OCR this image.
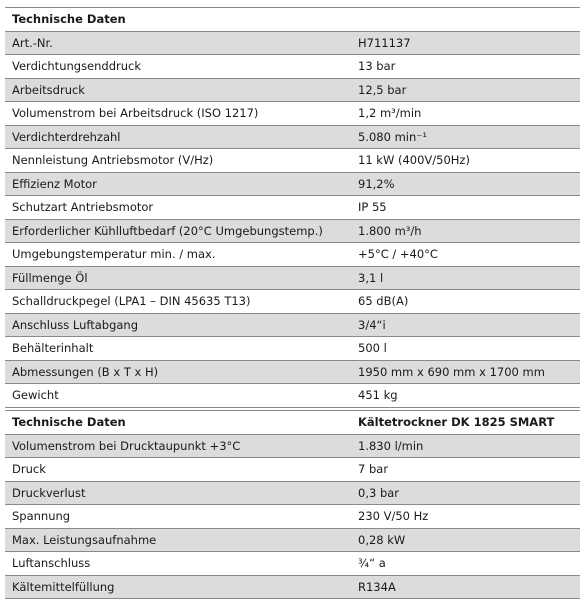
Technische Daten	
Art.-Nr.	H711137
Verdichtungsenddruck	13 bar
Arbeitsdruck	12,5 bar
Volumenstrom bei Arbeitsdruck (ISO 1217)	1,2 m³/min
Verdichterdrehzahl	5.080 min⁻¹
Nennleistung Antriebsmotor (V/Hz)	11 kW (400V/50Hz)
Effizienz Motor	91,2%
Schutzart Antriebsmotor	IP 55
Erforderlicher Kühlluftbedarf (20°C Umgebungstemp.)	1.800 m³/h
Umgebungstemperatur min. / max.	+5°C / +40°C
Füllmenge Öl	3,1 l
Schalldruckpegel (LPA1 – DIN 45635 T13)	65 dB(A)
Anschluss Luftabgang	3/4“i
Behälterinhalt	500 l
Abmessungen (B x T x H)	1950 mm x 690 mm x 1700 mm
Gewicht	451 kg
Technische Daten	Kältetrockner DK 1825 SMART
Volumenstrom bei Drucktaupunkt +3°C	1.830 l/min
Druck	7 bar
Druckverlust	0,3 bar
Spannung	230 V/50 Hz
Max. Leistungsaufnahme	0,28 kW
Luftanschluss	¾“ a
Kältemittelfüllung	R134A
